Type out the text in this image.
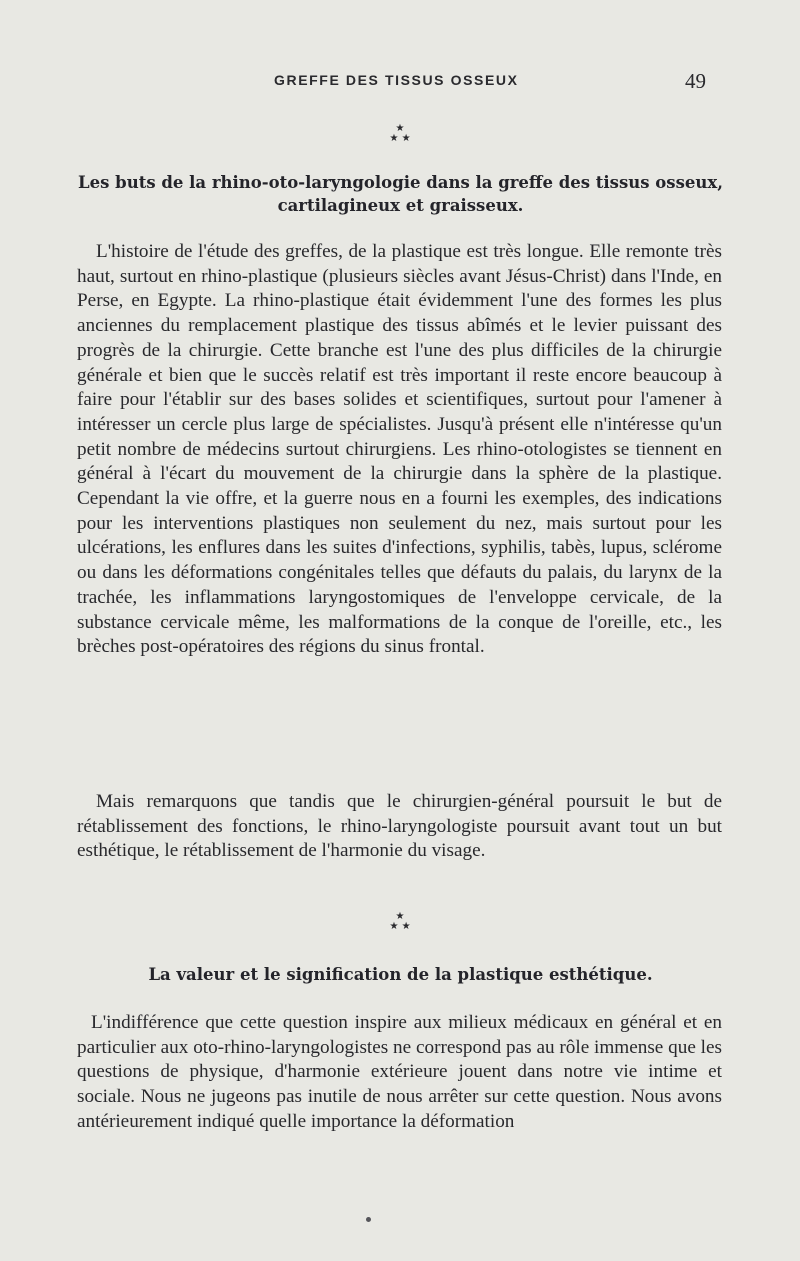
GREFFE DES TISSUS OSSEUX	49
★
★ ★
Les buts de la rhino-oto-laryngologie dans la greffe des tissus osseux, cartilagineux et graisseux.

L'histoire de l'étude des greffes, de la plastique est très longue. Elle remonte très haut, surtout en rhino-plastique (plusieurs siècles avant Jésus-Christ) dans l'Inde, en Perse, en Egypte. La rhino-plastique était évidemment l'une des formes les plus anciennes du remplacement plastique des tissus abîmés et le levier puissant des progrès de la chirurgie. Cette branche est l'une des plus difficiles de la chirurgie générale et bien que le succès relatif est très important il reste encore beaucoup à faire pour l'établir sur des bases solides et scientifiques, surtout pour l'amener à intéresser un cercle plus large de spécialistes. Jusqu'à présent elle n'intéresse qu'un petit nombre de médecins surtout chirurgiens. Les rhino-otologistes se tiennent en général à l'écart du mouvement de la chirurgie dans la sphère de la plastique. Cependant la vie offre, et la guerre nous en a fourni les exemples, des indications pour les interventions plastiques non seulement du nez, mais surtout pour les ulcérations, les enflures dans les suites d'infections, syphilis, tabès, lupus, sclérome ou dans les déformations congénitales telles que défauts du palais, du larynx de la trachée, les inflammations laryngostomiques de l'enveloppe cervicale, de la substance cervicale même, les malformations de la conque de l'oreille, etc., les brèches post-opératoires des régions du sinus frontal.

Mais remarquons que tandis que le chirurgien-général poursuit le but de rétablissement des fonctions, le rhino-laryngologiste poursuit avant tout un but esthétique, le rétablissement de l'harmonie du visage.

★
★ ★
La valeur et le signification de la plastique esthétique.

L'indifférence que cette question inspire aux milieux médicaux en général et en particulier aux oto-rhino-laryngologistes ne correspond pas au rôle immense que les questions de physique, d'harmonie extérieure jouent dans notre vie intime et sociale. Nous ne jugeons pas inutile de nous arrêter sur cette question. Nous avons antérieurement indiqué quelle importance la déformation
